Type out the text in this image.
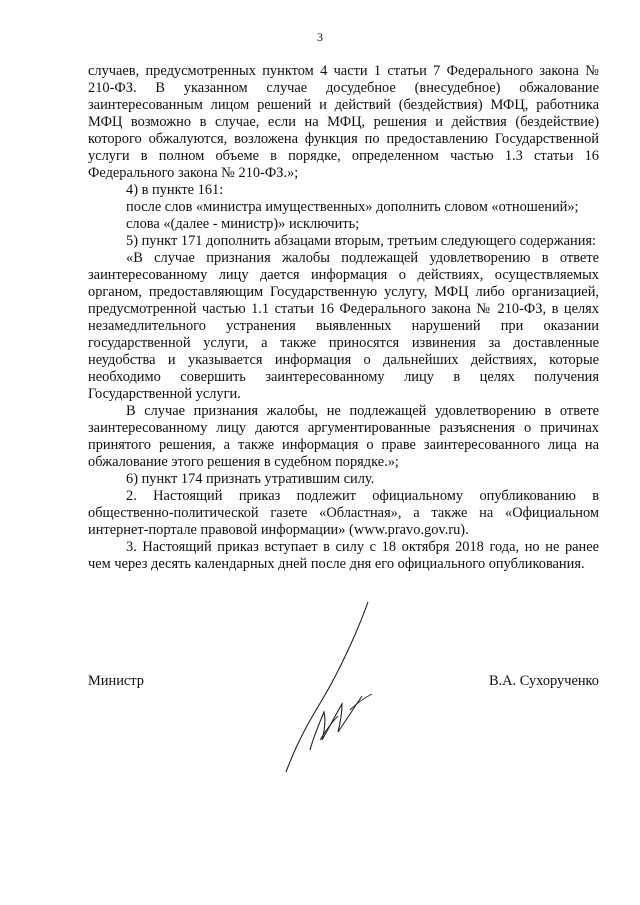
3

случаев, предусмотренных пунктом 4 части 1 статьи 7 Федерального закона № 210-ФЗ. В указанном случае досудебное (внесудебное) обжалование заинтересованным лицом решений и действий (бездействия) МФЦ, работника МФЦ возможно в случае, если на МФЦ, решения и действия (бездействие) которого обжалуются, возложена функция по предоставлению Государственной услуги в полном объеме в порядке, определенном частью 1.3 статьи 16 Федерального закона № 210-ФЗ.»;

4) в пункте 161:

после слов «министра имущественных» дополнить словом «отношений»;

слова «(далее - министр)» исключить;

5) пункт 171 дополнить абзацами вторым, третьим следующего содержания:

«В случае признания жалобы подлежащей удовлетворению в ответе заинтересованному лицу дается информация о действиях, осуществляемых органом, предоставляющим Государственную услугу, МФЦ либо организацией, предусмотренной частью 1.1 статьи 16 Федерального закона № 210-ФЗ, в целях незамедлительного устранения выявленных нарушений при оказании государственной услуги, а также приносятся извинения за доставленные неудобства и указывается информация о дальнейших действиях, которые необходимо совершить заинтересованному лицу в целях получения Государственной услуги.

В случае признания жалобы, не подлежащей удовлетворению в ответе заинтересованному лицу даются аргументированные разъяснения о причинах принятого решения, а также информация о праве заинтересованного лица на обжалование этого решения в судебном порядке.»;

6) пункт 174 признать утратившим силу.

2. Настоящий приказ подлежит официальному опубликованию в общественно-политической газете «Областная», а также на «Официальном интернет-портале правовой информации» (www.pravo.gov.ru).

3. Настоящий приказ вступает в силу с 18 октября 2018 года, но не ранее чем через десять календарных дней после дня его официального опубликования.

Министр	В.А. Сухорученко
